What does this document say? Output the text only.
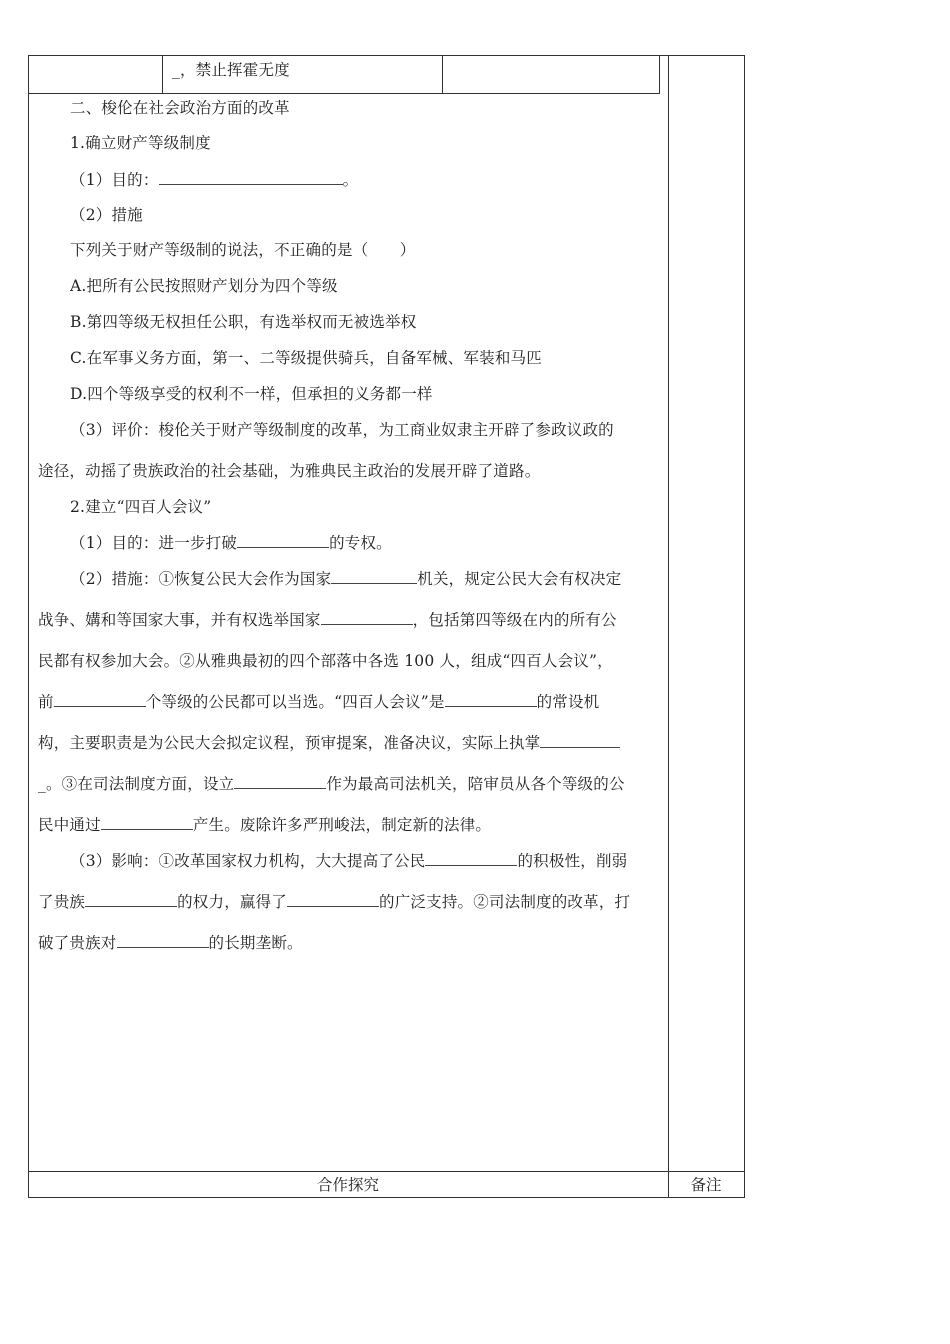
_，禁止挥霍无度
二、梭伦在社会政治方面的改革
1.确立财产等级制度
（1）目的：	。
（2）措施
下列关于财产等级制的说法，不正确的是（　　）
A.把所有公民按照财产划分为四个等级
B.第四等级无权担任公职，有选举权而无被选举权
C.在军事义务方面，第一、二等级提供骑兵，自备军械、军装和马匹
D.四个等级享受的权利不一样，但承担的义务都一样
（3）评价：梭伦关于财产等级制度的改革，为工商业奴隶主开辟了参政议政的
途径，动摇了贵族政治的社会基础，为雅典民主政治的发展开辟了道路。
2.建立“四百人会议”
（1）目的：进一步打破	的专权。
（2）措施：①恢复公民大会作为国家	机关，规定公民大会有权决定
战争、媾和等国家大事，并有权选举国家	，包括第四等级在内的所有公
民都有权参加大会。②从雅典最初的四个部落中各选 100 人，组成“四百人会议”，
前	个等级的公民都可以当选。“四百人会议”是	的常设机
构，主要职责是为公民大会拟定议程，预审提案，准备决议，实际上执掌
_。③在司法制度方面，设立	作为最高司法机关，陪审员从各个等级的公
民中通过	产生。废除许多严刑峻法，制定新的法律。
（3）影响：①改革国家权力机构，大大提高了公民	的积极性，削弱
了贵族	的权力，赢得了	的广泛支持。②司法制度的改革，打
破了贵族对	的长期垄断。
合作探究	备注
